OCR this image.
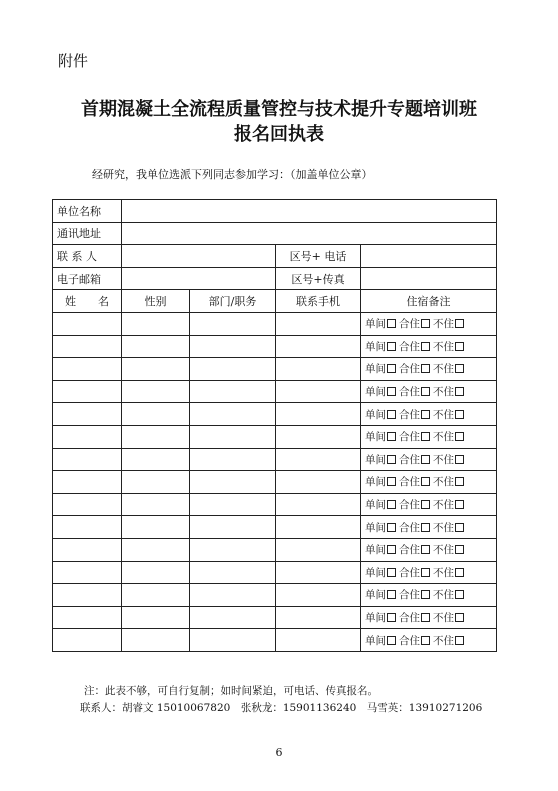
附件
首期混凝土全流程质量管控与技术提升专题培训班
报名回执表
经研究，我单位选派下列同志参加学习：（加盖单位公章）
单位名称				
通讯地址				
联 系 人			区号+ 电话	
电子邮箱			区号+传真	
姓　　名	性别	部门/职务	联系手机	住宿备注
				单间 合住 不住
				单间 合住 不住
				单间 合住 不住
				单间 合住 不住
				单间 合住 不住
				单间 合住 不住
				单间 合住 不住
				单间 合住 不住
				单间 合住 不住
				单间 合住 不住
				单间 合住 不住
				单间 合住 不住
				单间 合住 不住
				单间 合住 不住
				单间 合住 不住
注：此表不够，可自行复制；如时间紧迫，可电话、传真报名。
联系人：胡睿文 15010067820　张秋龙：15901136240　马雪英：13910271206
6
